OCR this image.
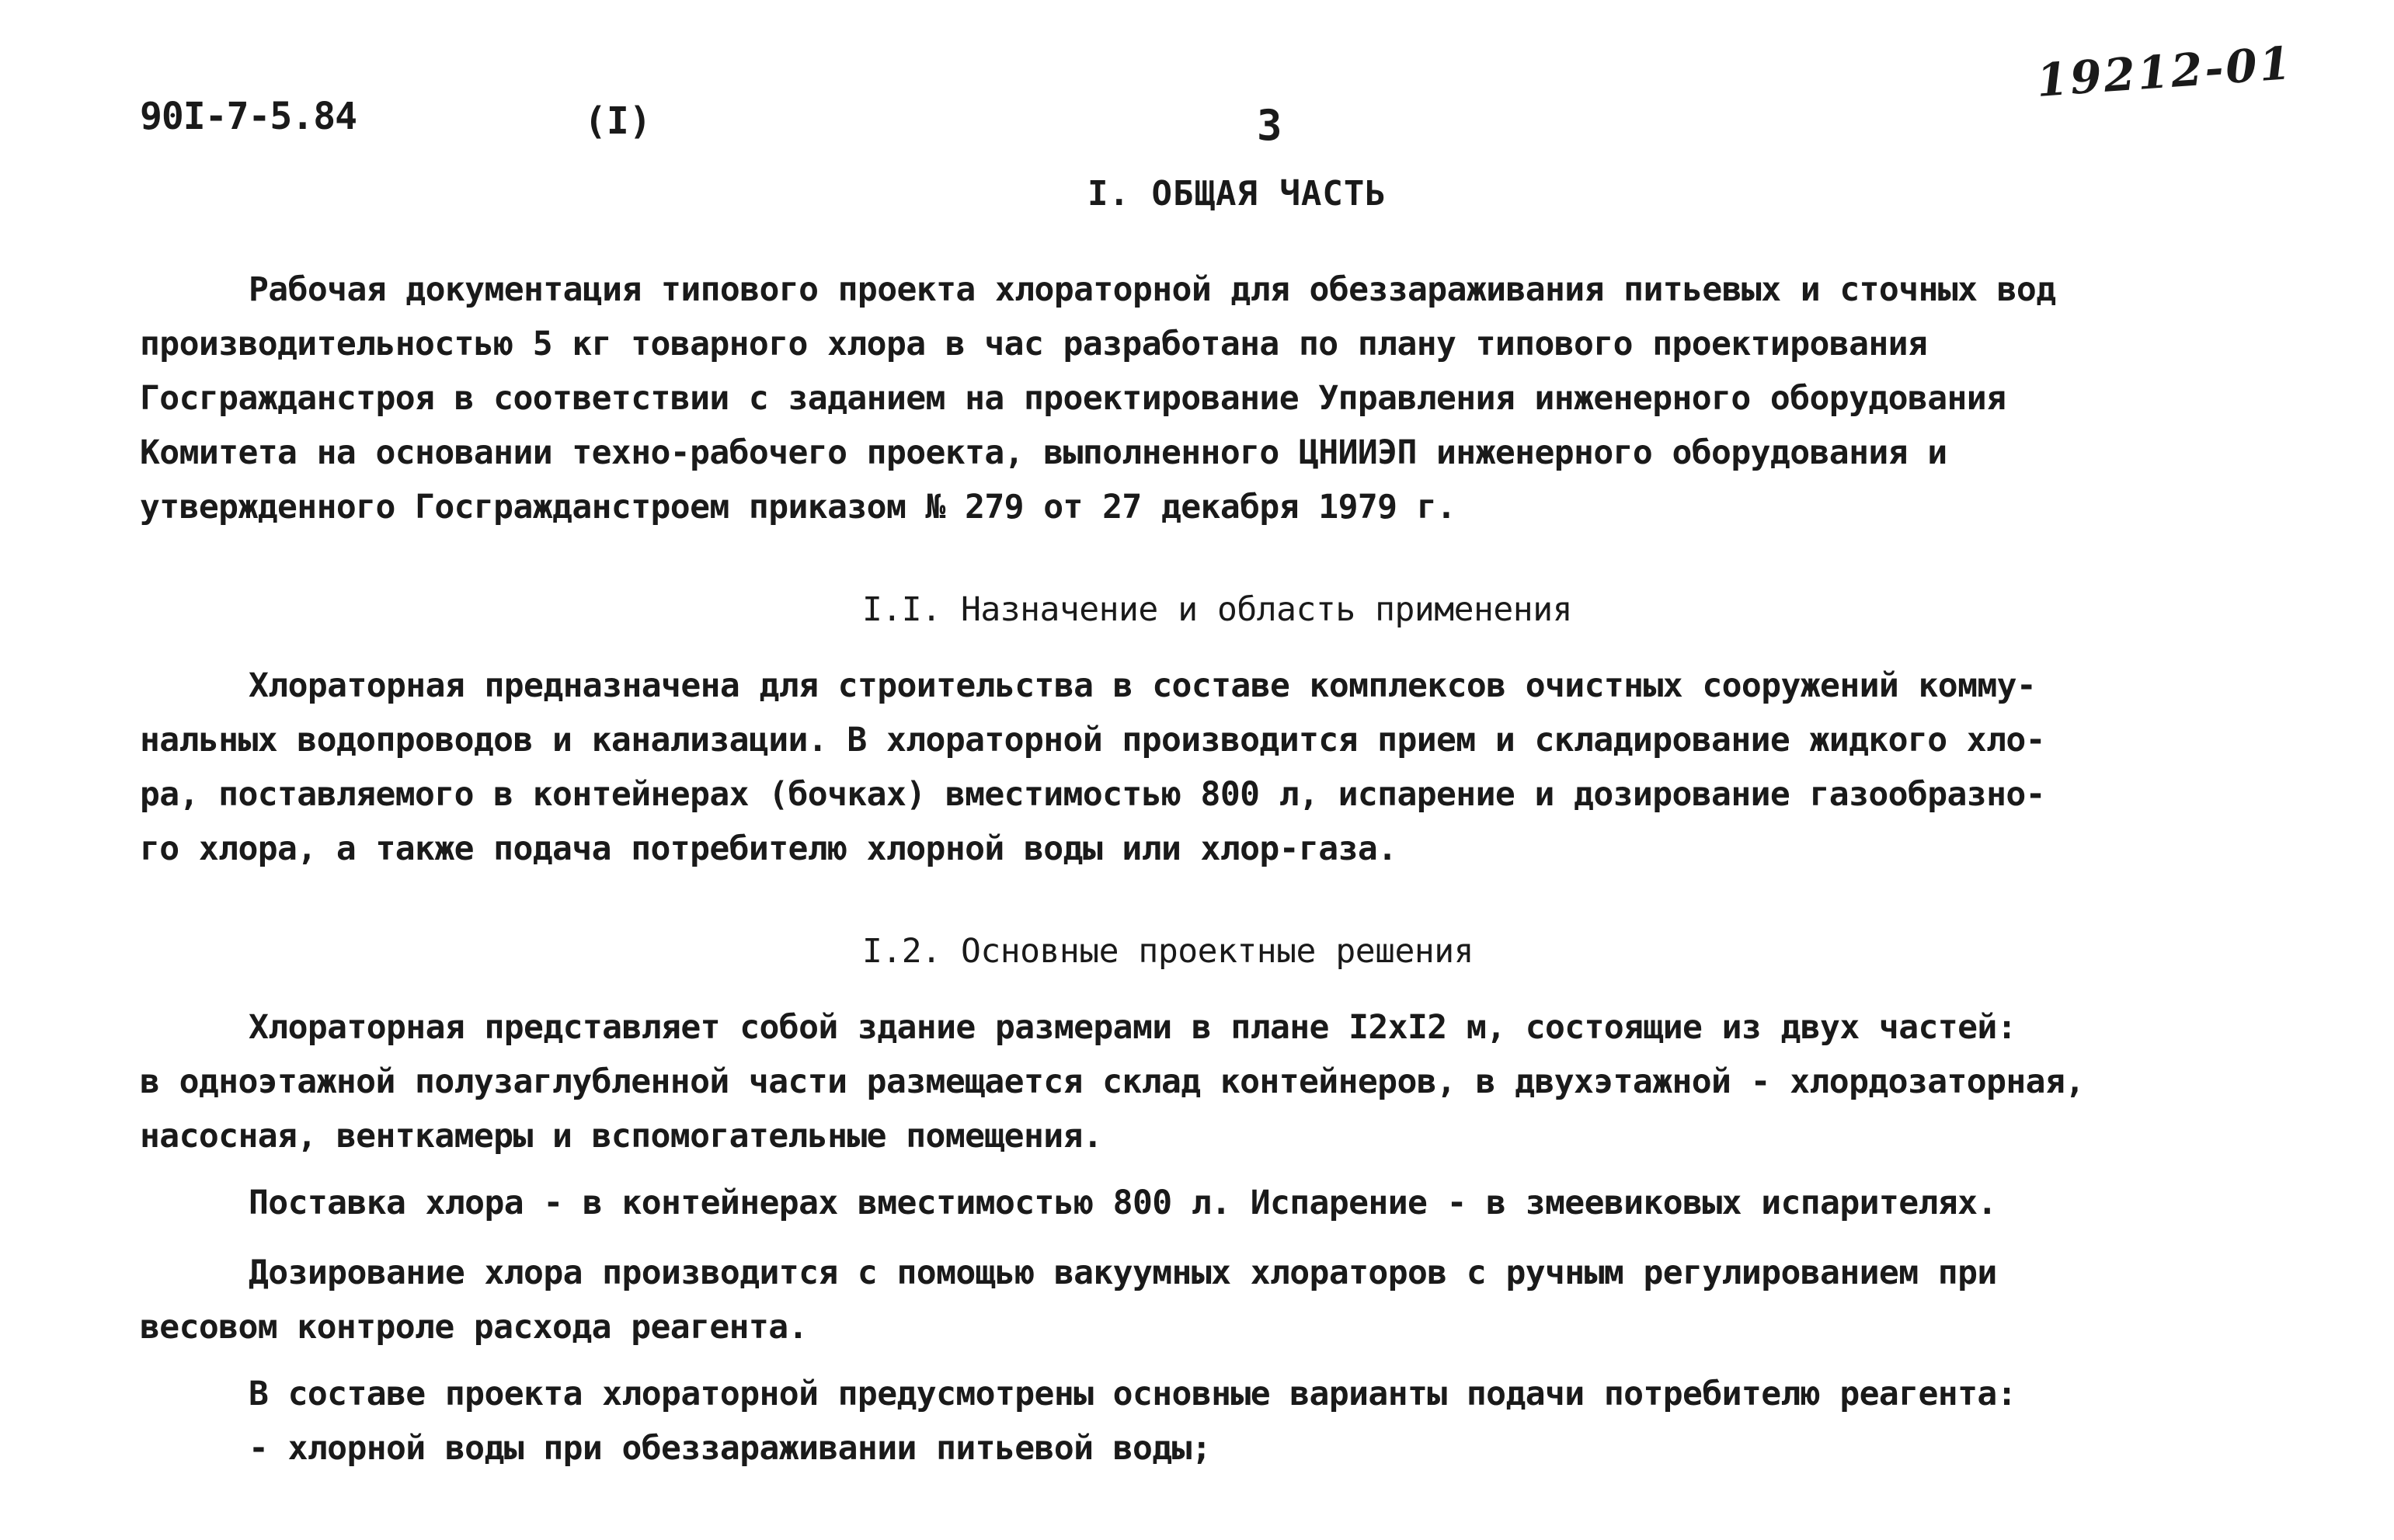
90I-7-5.84	(I)	3
19212-01
I. ОБЩАЯ ЧАСТЬ
Рабочая документация типового проекта хлораторной для обеззараживания питьевых и сточных вод
производительностью 5 кг товарного хлора в час разработана по плану типового проектирования
Госгражданстроя в соответствии с заданием на проектирование Управления инженерного оборудования
Комитета на основании техно-рабочего проекта, выполненного ЦНИИЭП инженерного оборудования и
утвержденного Госгражданстроем приказом № 279 от 27 декабря 1979 г.
I.I. Назначение и область применения
Хлораторная предназначена для строительства в составе комплексов очистных сооружений комму-
нальных водопроводов и канализации. В хлораторной производится прием и складирование жидкого хло-
ра, поставляемого в контейнерах (бочках) вместимостью 800 л, испарение и дозирование газообразно-
го хлора, а также подача потребителю хлорной воды или хлор-газа.
I.2. Основные проектные решения
Хлораторная представляет собой здание размерами в плане I2xI2 м, состоящие из двух частей:
в одноэтажной полузаглубленной части размещается склад контейнеров, в двухэтажной - хлордозаторная,
насосная, венткамеры и вспомогательные помещения.
Поставка хлора - в контейнерах вместимостью 800 л. Испарение - в змеевиковых испарителях.
Дозирование хлора производится с помощью вакуумных хлораторов с ручным регулированием при
весовом контроле расхода реагента.
В составе проекта хлораторной предусмотрены основные варианты подачи потребителю реагента:
- хлорной воды при обеззараживании питьевой воды;
